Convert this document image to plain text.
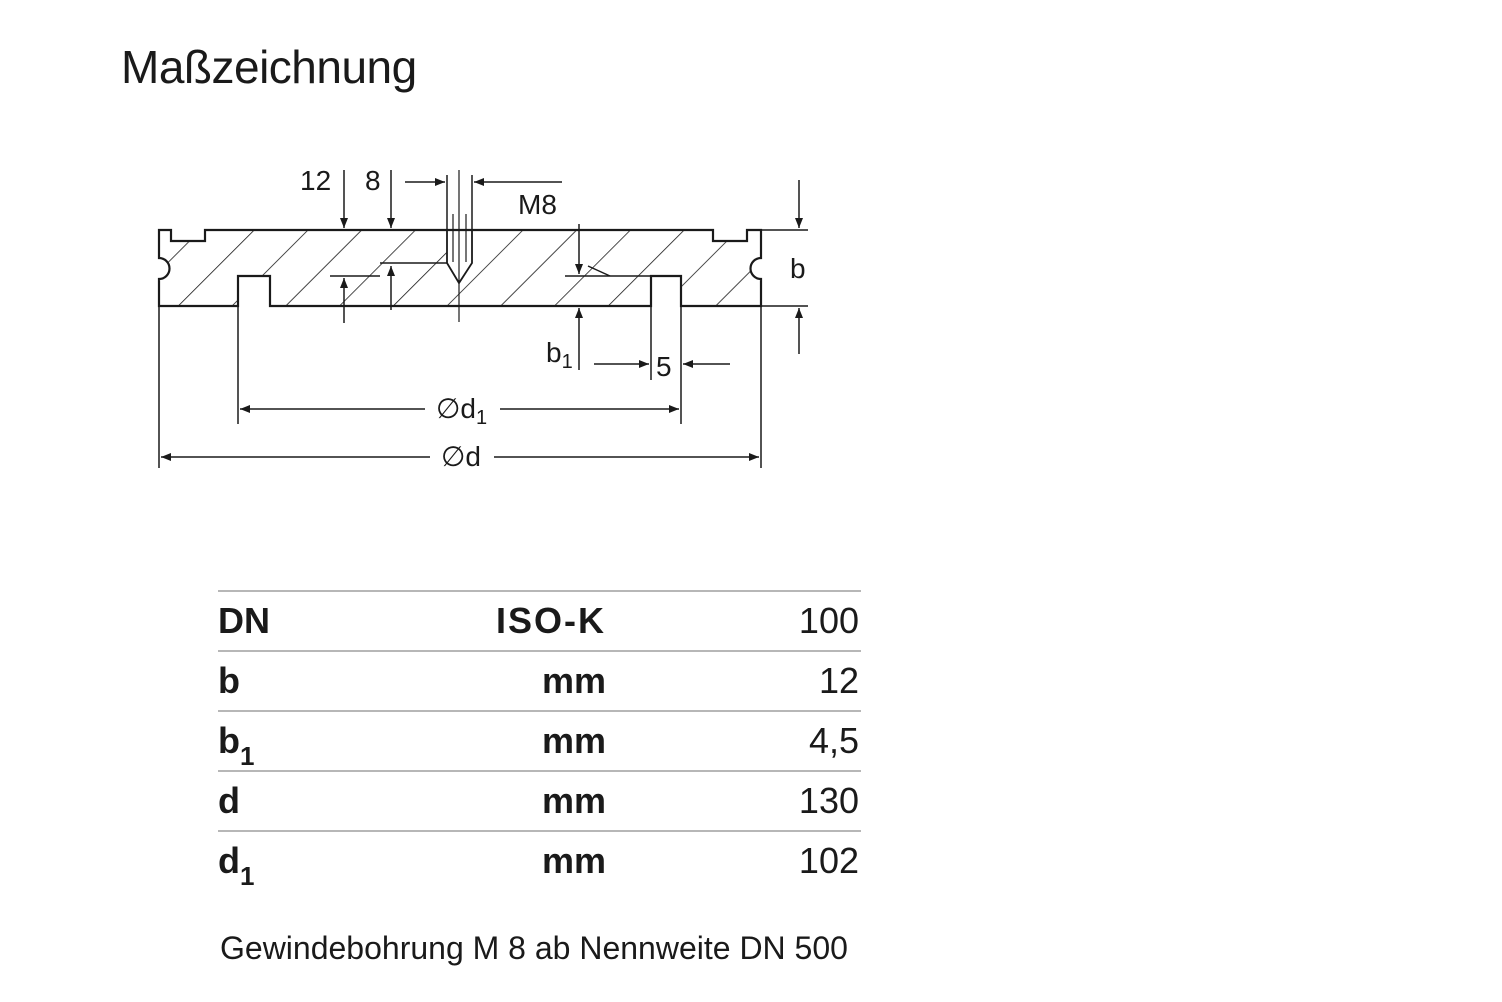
Maßzeichnung
12 8
M8
b
$b_1$	5
$\emptyset d_1$
∅d
DN	ISO-K	100
b	mm	12
$b_1$	mm	4,5
d	mm	130
$d_1$	mm	102
Gewindebohrung M 8 ab Nennweite DN 500
